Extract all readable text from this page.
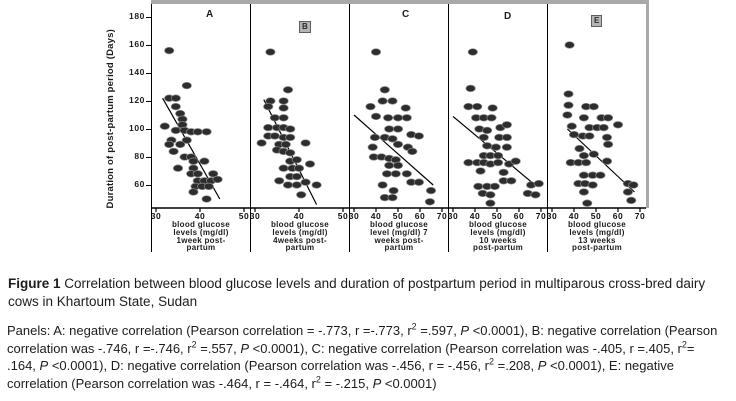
Duration of post-partum period (Days)
180
160
140
120
100
80
60
30	40	50
A
blood glucose
levels (mg/dl)
1week post-
partum
30	40	50
B
blood glucose
levels (mg/dl)
4weeks post-
partum
30 40 50 60 70
C
blood glucose
level (mg/dl) 7
weeks post-
partum
30 40 50 60 70
D
blood glucose
levels (mg/dl)
10 weeks
post-partum
30 40 50 60 70
E
blood glucose
levels (mg/dl)
13 weeks
post-partum

Figure 1 Correlation between blood glucose levels and duration of postpartum period in multiparous cross-bred dairy cows in Khartoum State, Sudan

Panels: A: negative correlation (Pearson correlation = -.773, r =-.773, $r^2 =.597$, P <0.0001), B: negative correlation (Pearson correlation was -.746, r =-.746, $r^2 =.557$, P <0.0001), C: negative correlation (Pearson correlation was -.405, r =.405, $r^2= .164$, P <0.0001), D: negative correlation (Pearson correlation was -.456, r = -.456, $r^2 =.208$, P <0.0001), E: negative correlation (Pearson correlation was -.464, r = -.464, $r^2 = -.215$, P <0.0001)
